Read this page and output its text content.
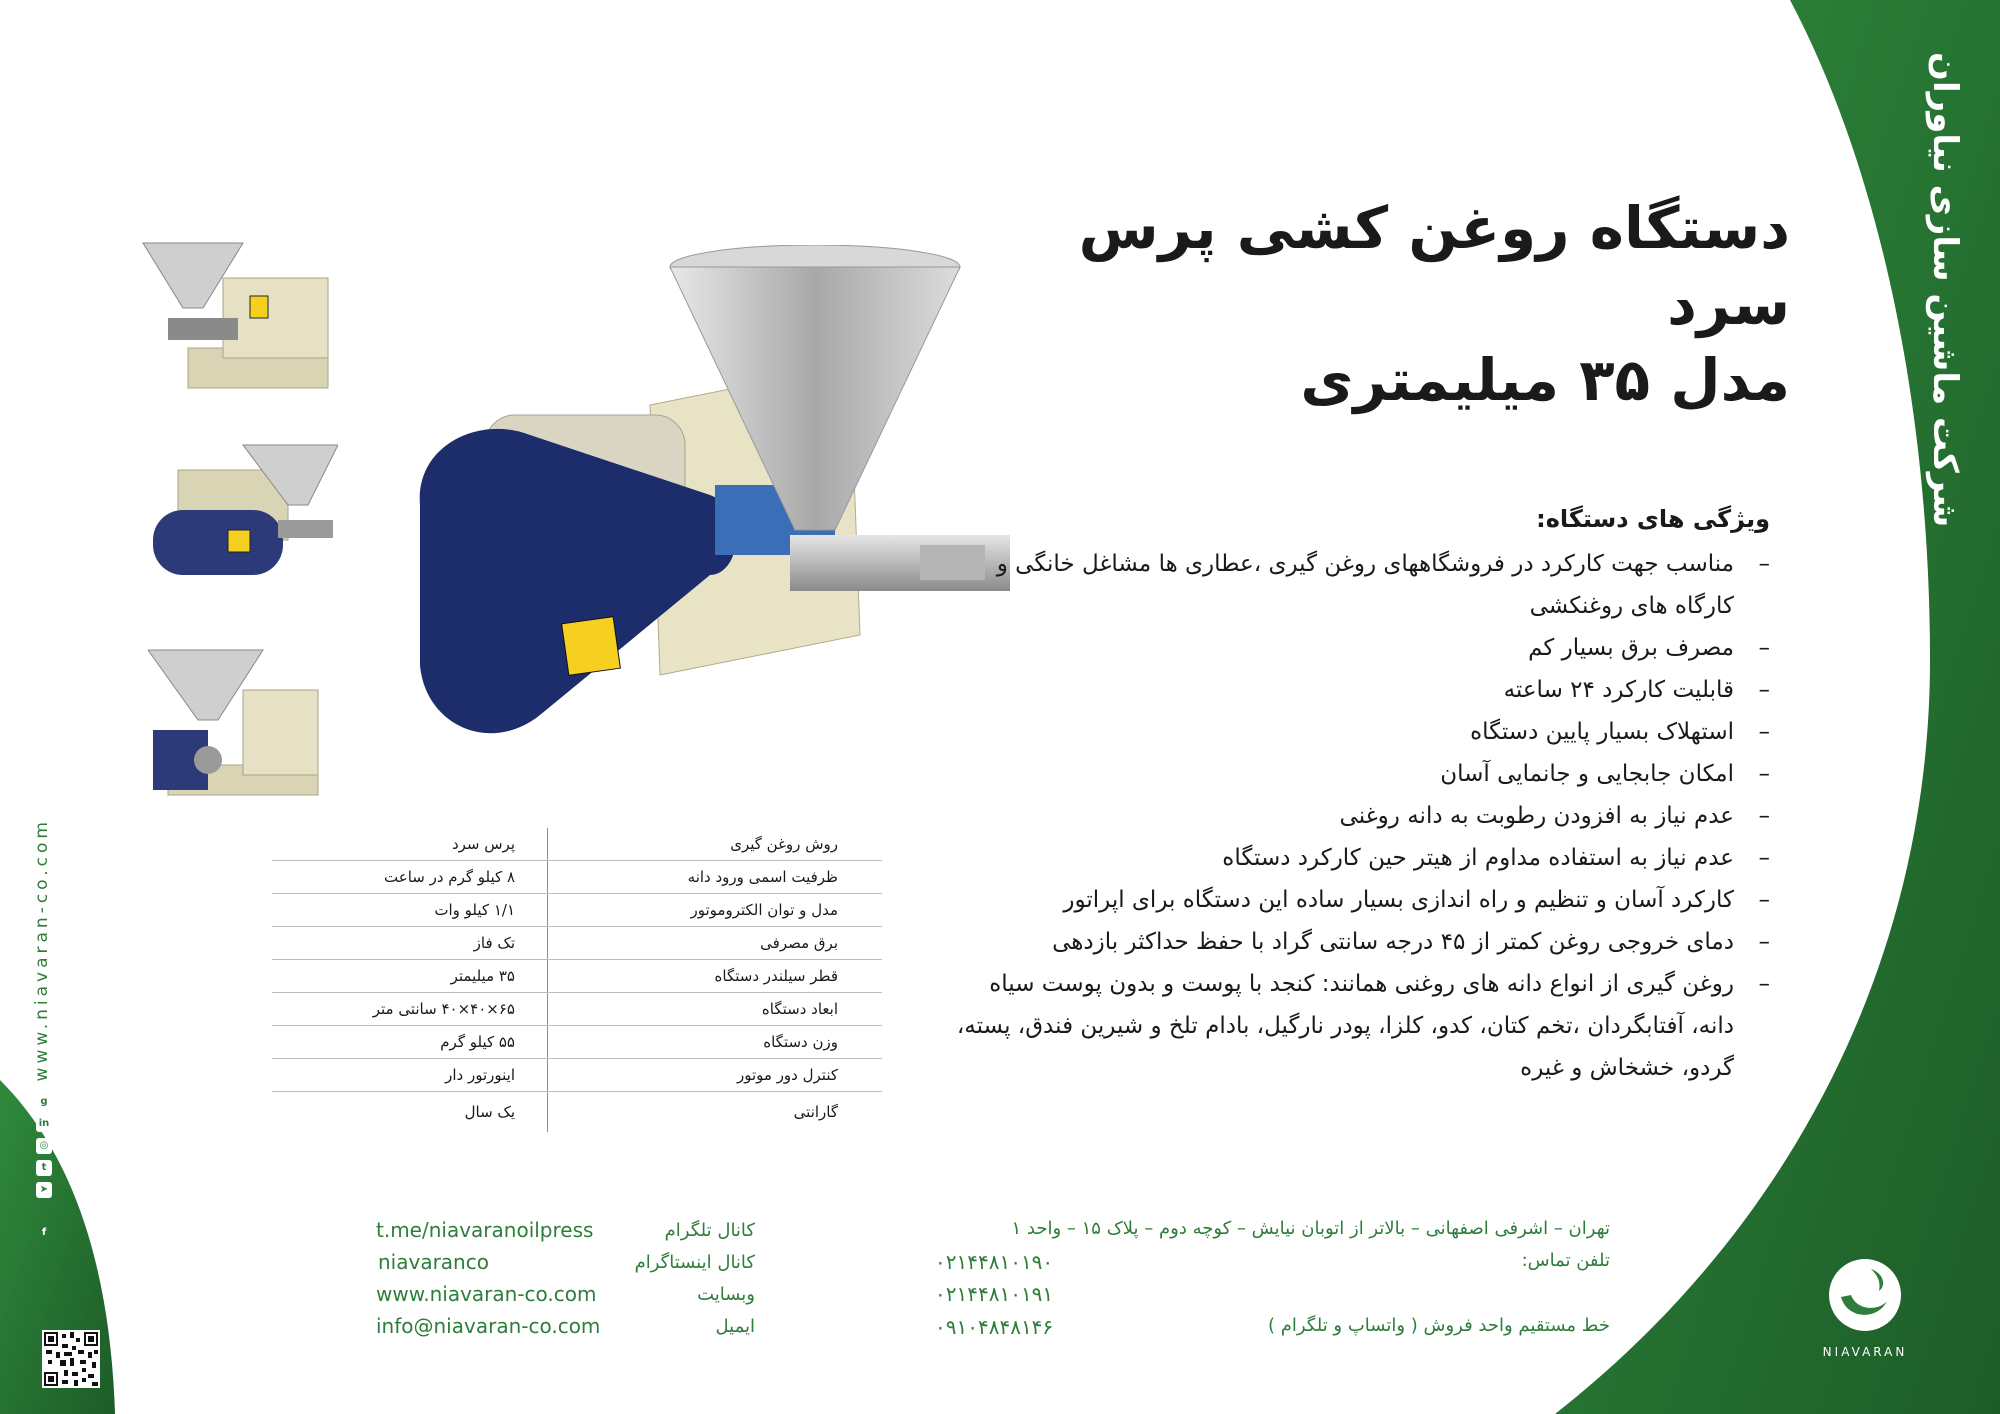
شرکت ماشین سازی نیاوران
www.niavaran-co.com
g
in
◎
t
➤
f
NIAVARAN
دستگاه روغن کشی پرس سرد
مدل ۳۵ میلیمتری
ویژگی های دستگاه:
–
مناسب جهت کارکرد در فروشگاههای روغن گیری ،عطاری ها مشاغل خانگی و کارگاه های روغنکشی
–
مصرف برق بسیار کم
–
قابلیت کارکرد ۲۴ ساعته
–
استهلاک بسیار پایین دستگاه
–
امکان جابجایی و جانمایی آسان
–
عدم نیاز به افزودن رطوبت به دانه روغنی
–
عدم نیاز به استفاده مداوم از هیتر حین کارکرد دستگاه
–
کارکرد آسان و تنظیم و راه اندازی بسیار ساده این دستگاه برای اپراتور
–
دمای خروجی روغن کمتر از ۴۵ درجه سانتی گراد با حفظ حداکثر بازدهی
–
روغن گیری از انواع دانه های روغنی همانند: کنجد با پوست و بدون پوست سیاه دانه، آفتابگردان ،تخم کتان، کدو، کلزا، پودر نارگیل، بادام تلخ و شیرین فندق، پسته، گردو، خشخاش و غیره
روش روغن گیری	پرس سرد
ظرفیت اسمی ورود دانه	۸ کیلو گرم در ساعت
مدل و توان الکتروموتور	۱/۱ کیلو وات
برق مصرفی	تک فاز
قطر سیلندر دستگاه	۳۵ میلیمتر
ابعاد دستگاه	۶۵×۴۰×۴۰ سانتی متر
وزن دستگاه	۵۵ کیلو گرم
کنترل دور موتور	اینورتور دار
گارانتی	یک سال
تهران – اشرفی اصفهانی – بالاتر از اتوبان نیایش – کوچه دوم – پلاک ۱۵ – واحد ۱
تلفن تماس:
۰۲۱۴۴۸۱۰۱۹۰
۰۲۱۴۴۸۱۰۱۹۱
۰۹۱۰۴۸۴۸۱۴۶	خط مستقیم واحد فروش ( واتساپ و تلگرام )
کانال تلگرام
t.me/niavaranoilpress
کانال اینستاگرام
niavaranco
وبسایت
www.niavaran-co.com
ایمیل
info@niavaran-co.com
